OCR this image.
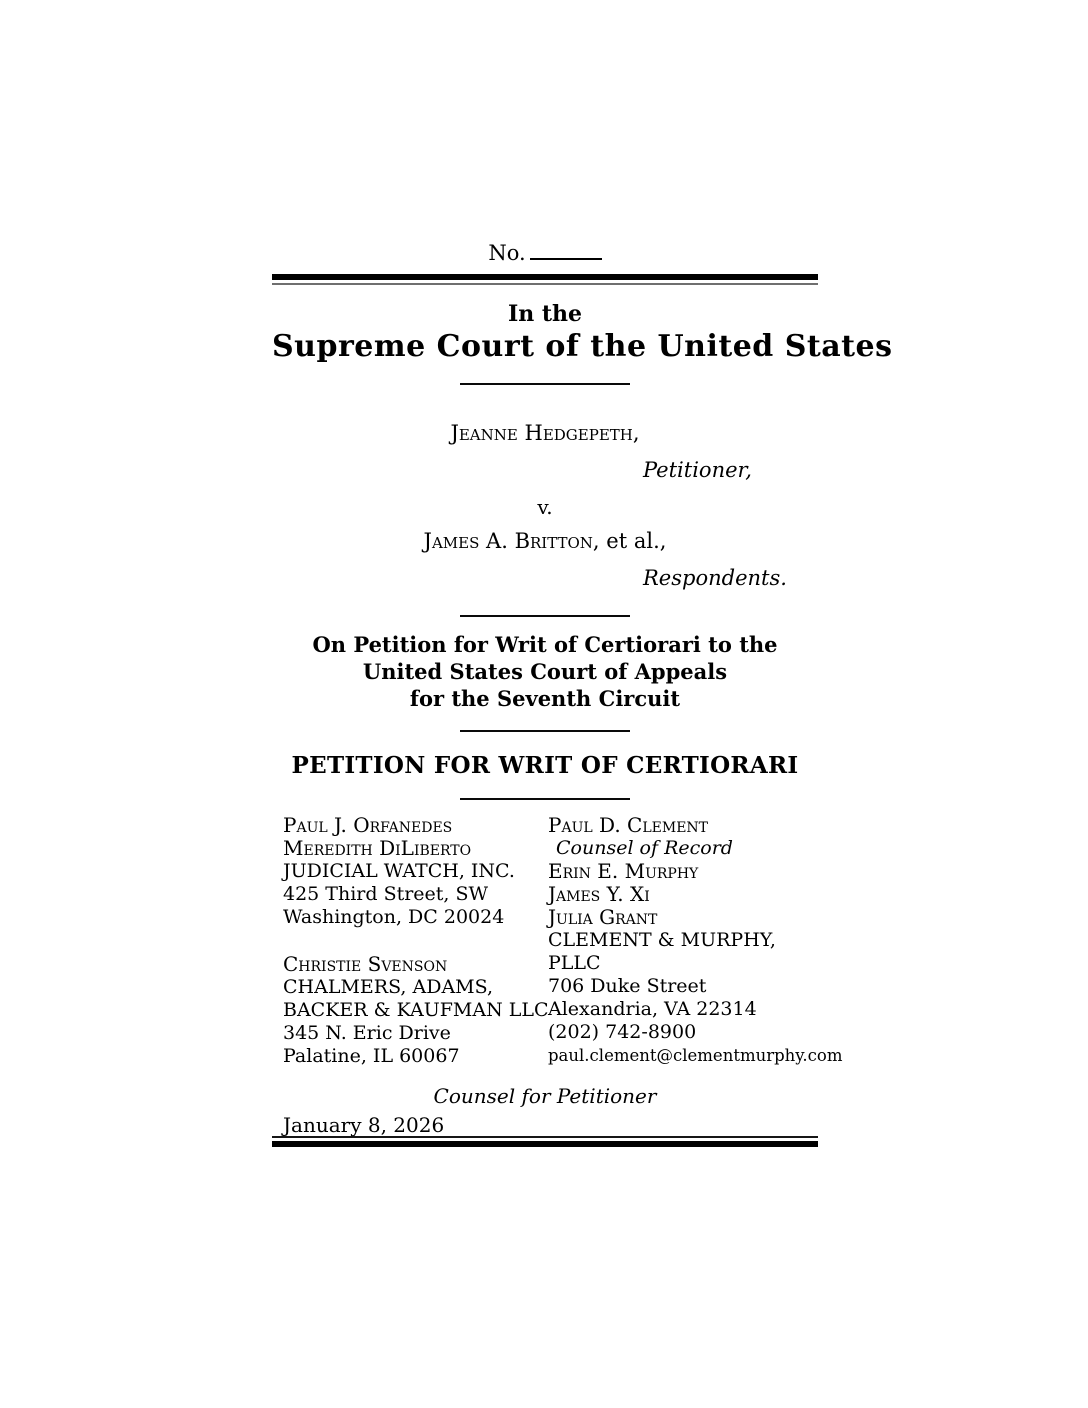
No.
In the
Supreme Court of the United States
Jeanne Hedgepeth,
Petitioner,
v.
James A. Britton, et al.,
Respondents.
On Petition for Writ of Certiorari to the
United States Court of Appeals
for the Seventh Circuit
PETITION FOR WRIT OF CERTIORARI
Paul J. Orfanedes
Meredith DiLiberto
JUDICIAL WATCH, INC.
425 Third Street, SW
Washington, DC 20024
Christie Svenson
CHALMERS, ADAMS,
BACKER & KAUFMAN LLC
345 N. Eric Drive
Palatine, IL 60067
Paul D. Clement
Counsel of Record
Erin E. Murphy
James Y. Xi
Julia Grant
CLEMENT & MURPHY,
PLLC
706 Duke Street
Alexandria, VA 22314
(202) 742-8900
paul.clement@clementmurphy.com
Counsel for Petitioner
January 8, 2026
